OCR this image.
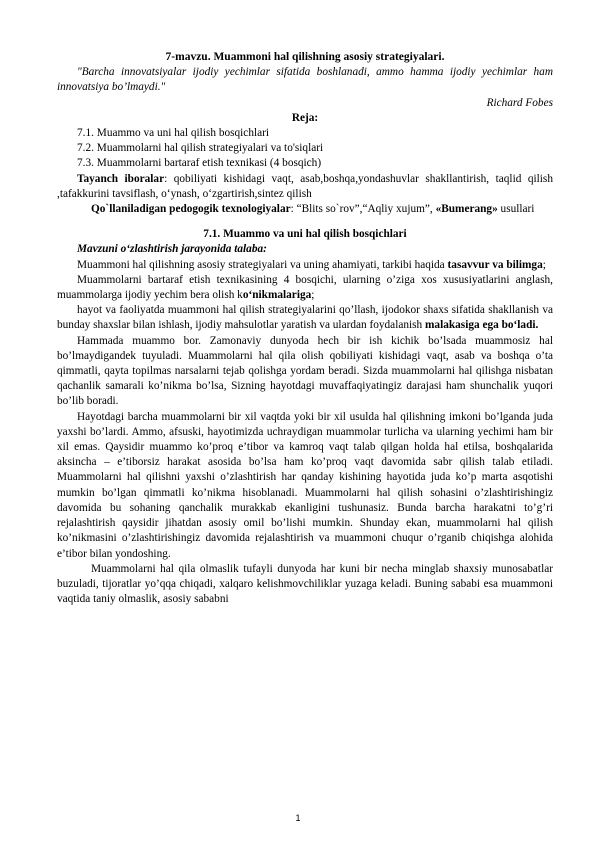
7-mavzu. Muammoni hal qilishning asosiy strategiyalari.

"Barcha innovatsiyalar ijodiy yechimlar sifatida boshlanadi, ammo hamma ijodiy yechimlar ham innovatsiya bo’lmaydi."

Richard Fobes

Reja:

7.1. Muammo va uni hal qilish bosqichlari

7.2. Muammolarni hal qilish strategiyalari va to'siqlari

7.3. Muammolarni bartaraf etish texnikasi (4 bosqich)

Tayanch iboralar: qobiliyati kishidagi vaqt, asab,boshqa,yondashuvlar shakllantirish, taqlid qilish ,tafakkurini tavsiflash, o‘ynash, o‘zgartirish,sintez qilish

Qo`llaniladigan pedogogik texnologiyalar: “Blits so`rov”,“Aqliy xujum”, «Bumerang» usullari

7.1. Muammo va uni hal qilish bosqichlari

Mavzuni o‘zlashtirish jarayonida talaba:

Muammoni hal qilishning asosiy strategiyalari va uning ahamiyati, tarkibi haqida tasavvur va bilimga;

Muammolarni bartaraf etish texnikasining 4 bosqichi, ularning o’ziga xos xususiyatlarini anglash, muammolarga ijodiy yechim bera olish ko‘nikmalariga;

hayot va faoliyatda muammoni hal qilish strategiyalarini qo’llash, ijodokor shaxs sifatida shakllanish va bunday shaxslar bilan ishlash, ijodiy mahsulotlar yaratish va ulardan foydalanish malakasiga ega bo‘ladi.

Hammada muammo bor. Zamonaviy dunyoda hech bir ish kichik bo’lsada muammosiz hal bo’lmaydigandek tuyuladi. Muammolarni hal qila olish qobiliyati kishidagi vaqt, asab va boshqa o’ta qimmatli, qayta topilmas narsalarni tejab qolishga yordam beradi. Sizda muammolarni hal qilishga nisbatan qachanlik samarali ko’nikma bo’lsa, Sizning hayotdagi muvaffaqiyatingiz darajasi ham shunchalik yuqori bo’lib boradi.

Hayotdagi barcha muammolarni bir xil vaqtda yoki bir xil usulda hal qilishning imkoni bo’lganda juda yaxshi bo’lardi. Ammo, afsuski, hayotimizda uchraydigan muammolar turlicha va ularning yechimi ham bir xil emas. Qaysidir muammo ko’proq e’tibor va kamroq vaqt talab qilgan holda hal etilsa, boshqalarida aksincha – e’tiborsiz harakat asosida bo’lsa ham ko’proq vaqt davomida sabr qilish talab etiladi. Muammolarni hal qilishni yaxshi o’zlashtirish har qanday kishining hayotida juda ko’p marta asqotishi mumkin bo’lgan qimmatli ko’nikma hisoblanadi. Muammolarni hal qilish sohasini o’zlashtirishingiz davomida bu sohaning qanchalik murakkab ekanligini tushunasiz. Bunda barcha harakatni to’g’ri rejalashtirish qaysidir jihatdan asosiy omil bo’lishi mumkin. Shunday ekan, muammolarni hal qilish ko’nikmasini o’zlashtirishingiz davomida rejalashtirish va muammoni chuqur o’rganib chiqishga alohida e’tibor bilan yondoshing.

Muammolarni hal qila olmaslik tufayli dunyoda har kuni bir necha minglab shaxsiy munosabatlar buzuladi, tijoratlar yo’qqa chiqadi, xalqaro kelishmovchiliklar yuzaga keladi. Buning sababi esa muammoni vaqtida taniy olmaslik, asosiy sababni

1
